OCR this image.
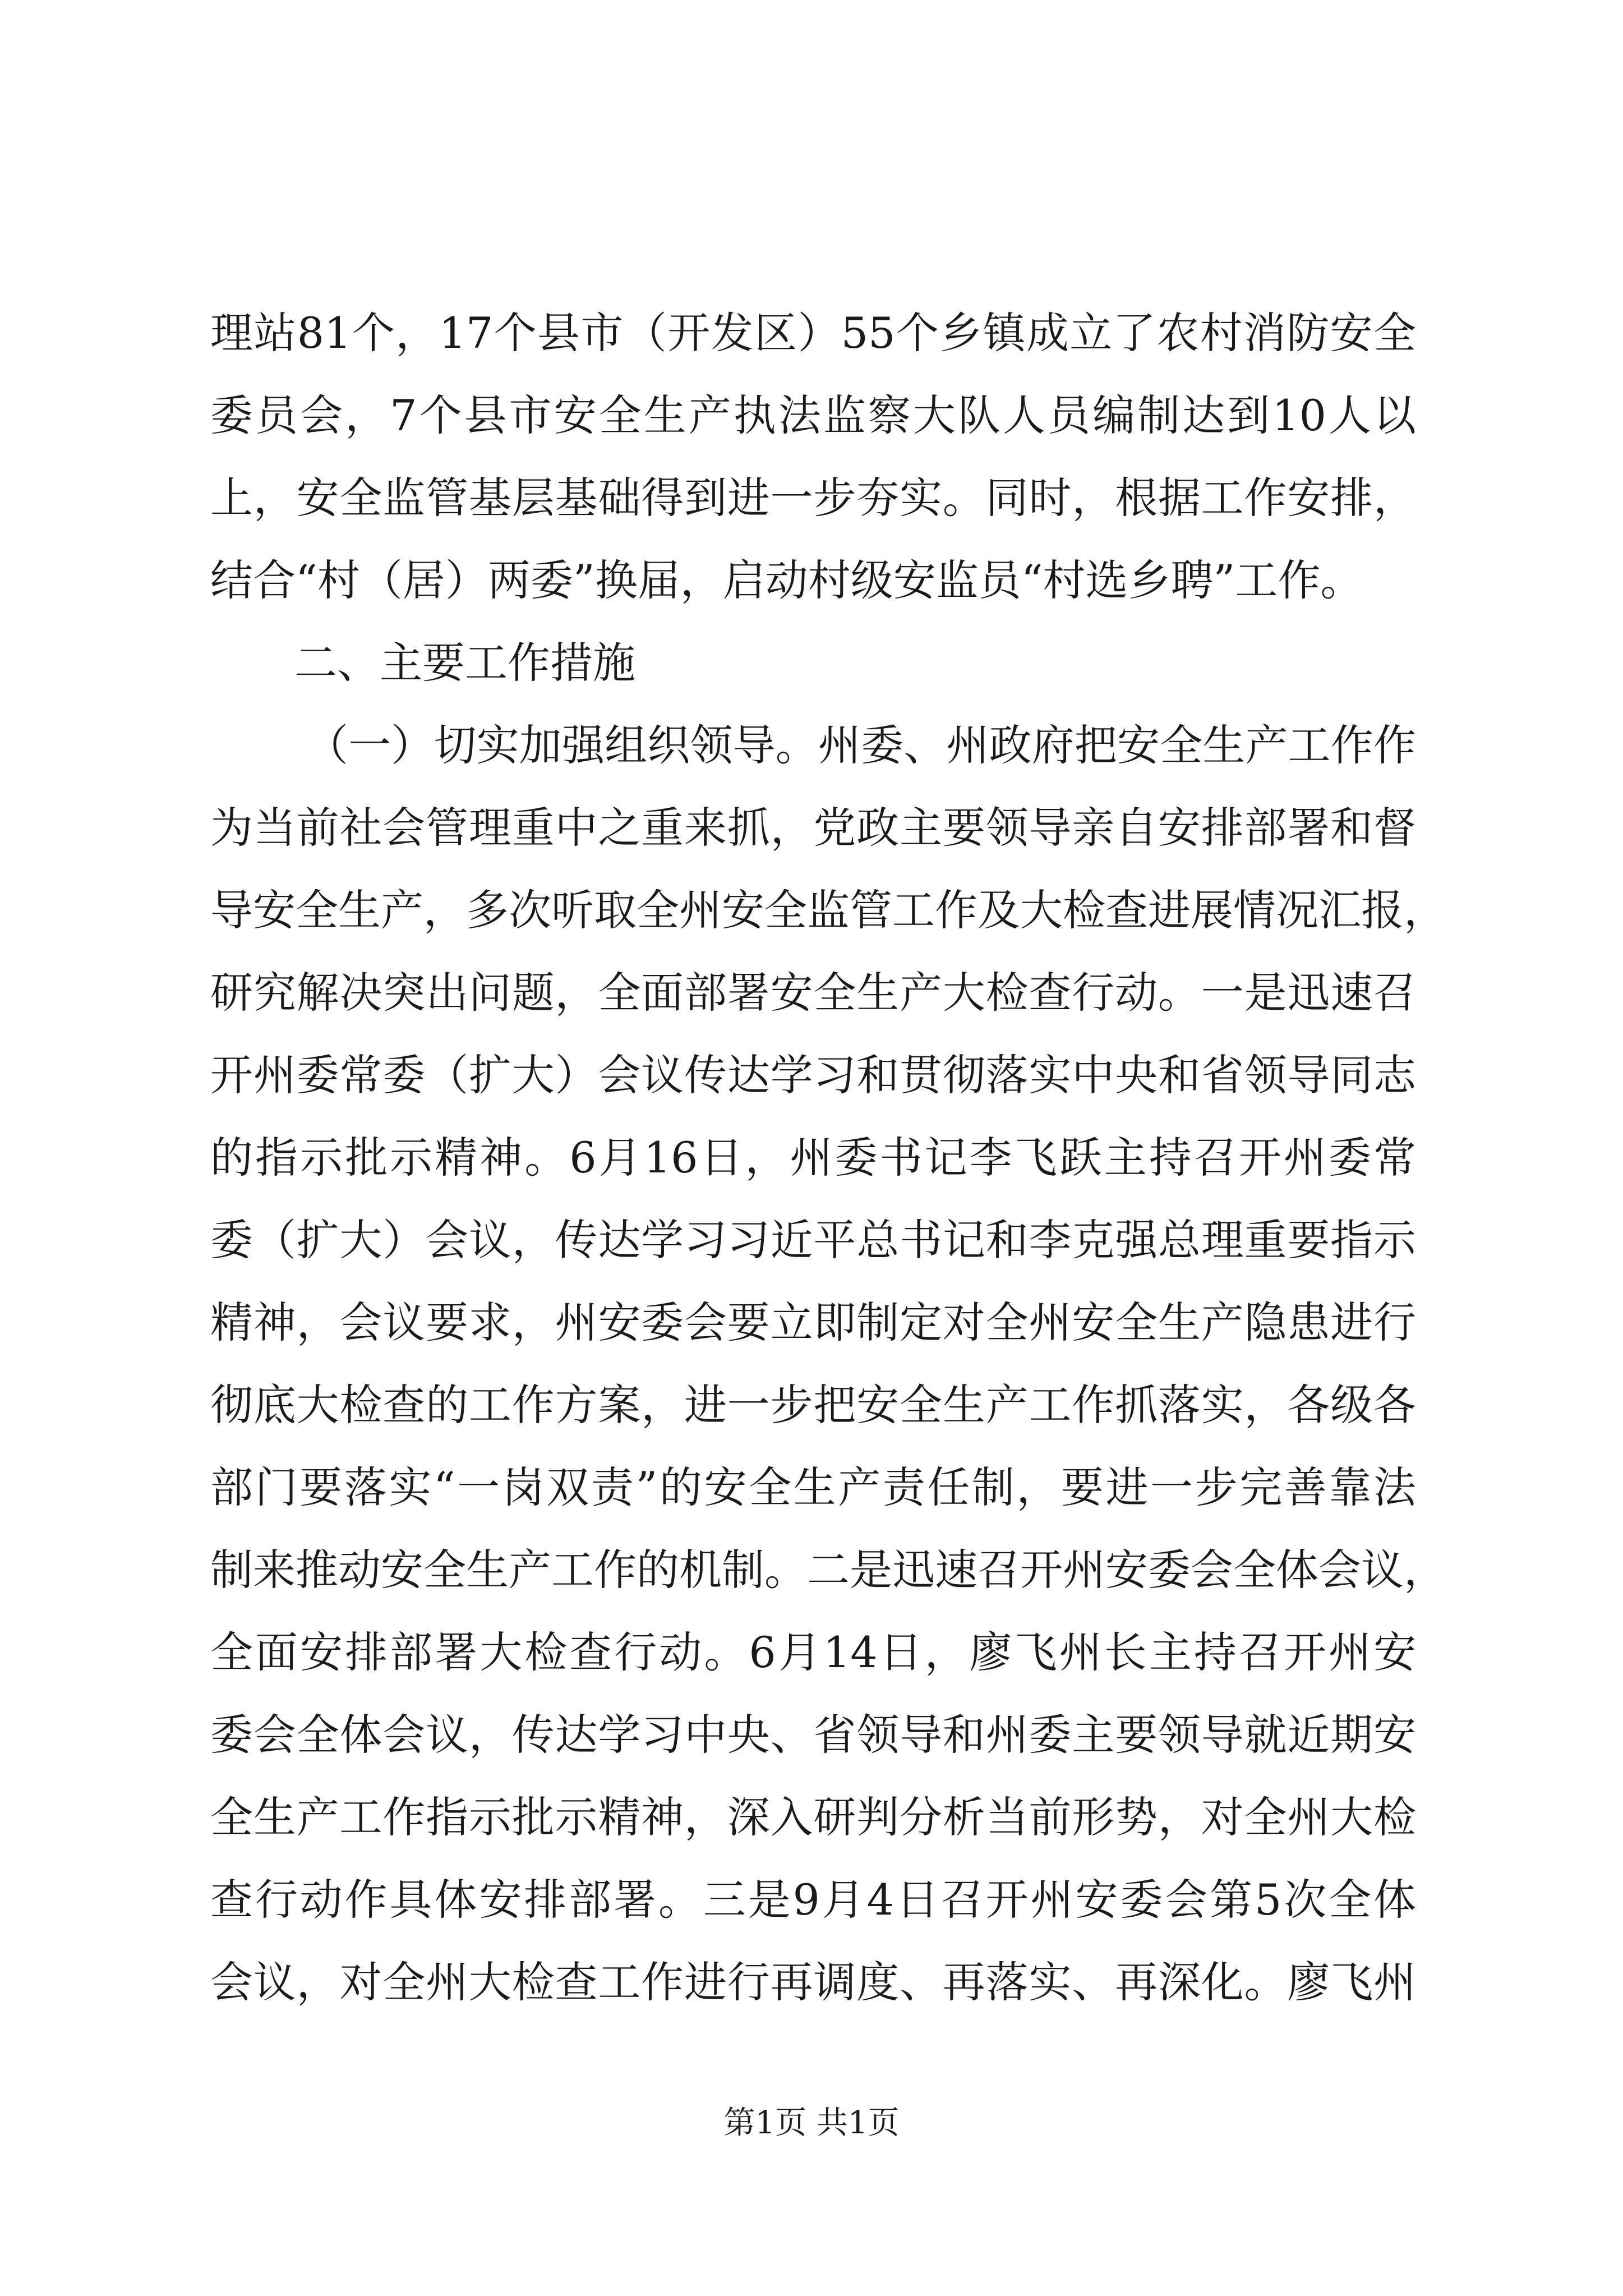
理站81个，17个县市（开发区）55个乡镇成立了农村消防安全
委员会，7个县市安全生产执法监察大队人员编制达到10人以
上，安全监管基层基础得到进一步夯实。同时，根据工作安排，
结合“村（居）两委”换届，启动村级安监员“村选乡聘”工作。
二、主要工作措施
（一）切实加强组织领导。州委、州政府把安全生产工作作
为当前社会管理重中之重来抓，党政主要领导亲自安排部署和督
导安全生产，多次听取全州安全监管工作及大检查进展情况汇报，
研究解决突出问题，全面部署安全生产大检查行动。一是迅速召
开州委常委（扩大）会议传达学习和贯彻落实中央和省领导同志
的指示批示精神。6月16日，州委书记李飞跃主持召开州委常
委（扩大）会议，传达学习习近平总书记和李克强总理重要指示
精神，会议要求，州安委会要立即制定对全州安全生产隐患进行
彻底大检查的工作方案，进一步把安全生产工作抓落实，各级各
部门要落实“一岗双责”的安全生产责任制，要进一步完善靠法
制来推动安全生产工作的机制。二是迅速召开州安委会全体会议，
全面安排部署大检查行动。6月14日，廖飞州长主持召开州安
委会全体会议，传达学习中央、省领导和州委主要领导就近期安
全生产工作指示批示精神，深入研判分析当前形势，对全州大检
查行动作具体安排部署。三是9月4日召开州安委会第5次全体
会议，对全州大检查工作进行再调度、再落实、再深化。廖飞州
第1页 共1页
